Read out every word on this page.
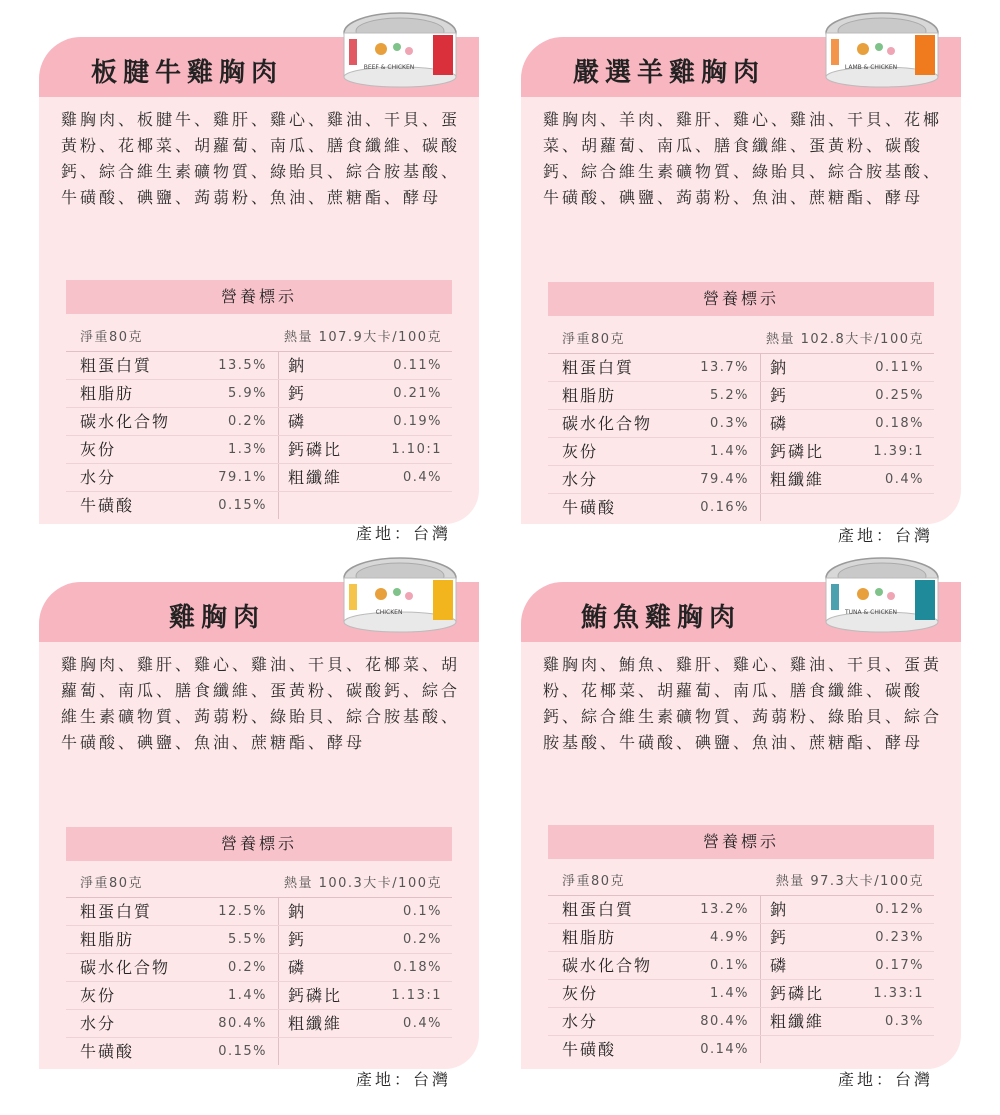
板腱牛雞胸肉	BEEF & CHICKEN
雞胸肉、板腱牛、雞肝、雞心、雞油、干貝、蛋黃粉、花椰菜、胡蘿蔔、南瓜、膳食纖維、碳酸鈣、綜合維生素礦物質、綠貽貝、綜合胺基酸、牛磺酸、碘鹽、蒟蒻粉、魚油、蔗糖酯、酵母
營養標示
淨重80克	熱量 107.9大卡/100克
粗蛋白質	13.5% 鈉	0.11%
粗脂肪	5.9% 鈣	0.21%
碳水化合物	0.2% 磷	0.19%
灰份	1.3% 鈣磷比	1.10:1
水分	79.1% 粗纖維	0.4%
牛磺酸	0.15%
產地：台灣
嚴選羊雞胸肉	LAMB & CHICKEN
雞胸肉、羊肉、雞肝、雞心、雞油、干貝、花椰菜、胡蘿蔔、南瓜、膳食纖維、蛋黃粉、碳酸鈣、綜合維生素礦物質、綠貽貝、綜合胺基酸、牛磺酸、碘鹽、蒟蒻粉、魚油、蔗糖酯、酵母
營養標示
淨重80克	熱量 102.8大卡/100克
粗蛋白質	13.7% 鈉	0.11%
粗脂肪	5.2% 鈣	0.25%
碳水化合物	0.3% 磷	0.18%
灰份	1.4% 鈣磷比	1.39:1
水分	79.4% 粗纖維	0.4%
牛磺酸	0.16%
產地：台灣
雞胸肉	CHICKEN
雞胸肉、雞肝、雞心、雞油、干貝、花椰菜、胡蘿蔔、南瓜、膳食纖維、蛋黃粉、碳酸鈣、綜合維生素礦物質、蒟蒻粉、綠貽貝、綜合胺基酸、牛磺酸、碘鹽、魚油、蔗糖酯、酵母
營養標示
淨重80克	熱量 100.3大卡/100克
粗蛋白質	12.5% 鈉	0.1%
粗脂肪	5.5% 鈣	0.2%
碳水化合物	0.2% 磷	0.18%
灰份	1.4% 鈣磷比	1.13:1
水分	80.4% 粗纖維	0.4%
牛磺酸	0.15%
產地：台灣
鮪魚雞胸肉	TUNA & CHICKEN
雞胸肉、鮪魚、雞肝、雞心、雞油、干貝、蛋黃粉、花椰菜、胡蘿蔔、南瓜、膳食纖維、碳酸鈣、綜合維生素礦物質、蒟蒻粉、綠貽貝、綜合胺基酸、牛磺酸、碘鹽、魚油、蔗糖酯、酵母
營養標示
淨重80克	熱量 97.3大卡/100克
粗蛋白質	13.2% 鈉	0.12%
粗脂肪	4.9% 鈣	0.23%
碳水化合物	0.1% 磷	0.17%
灰份	1.4% 鈣磷比	1.33:1
水分	80.4% 粗纖維	0.3%
牛磺酸	0.14%
產地：台灣
